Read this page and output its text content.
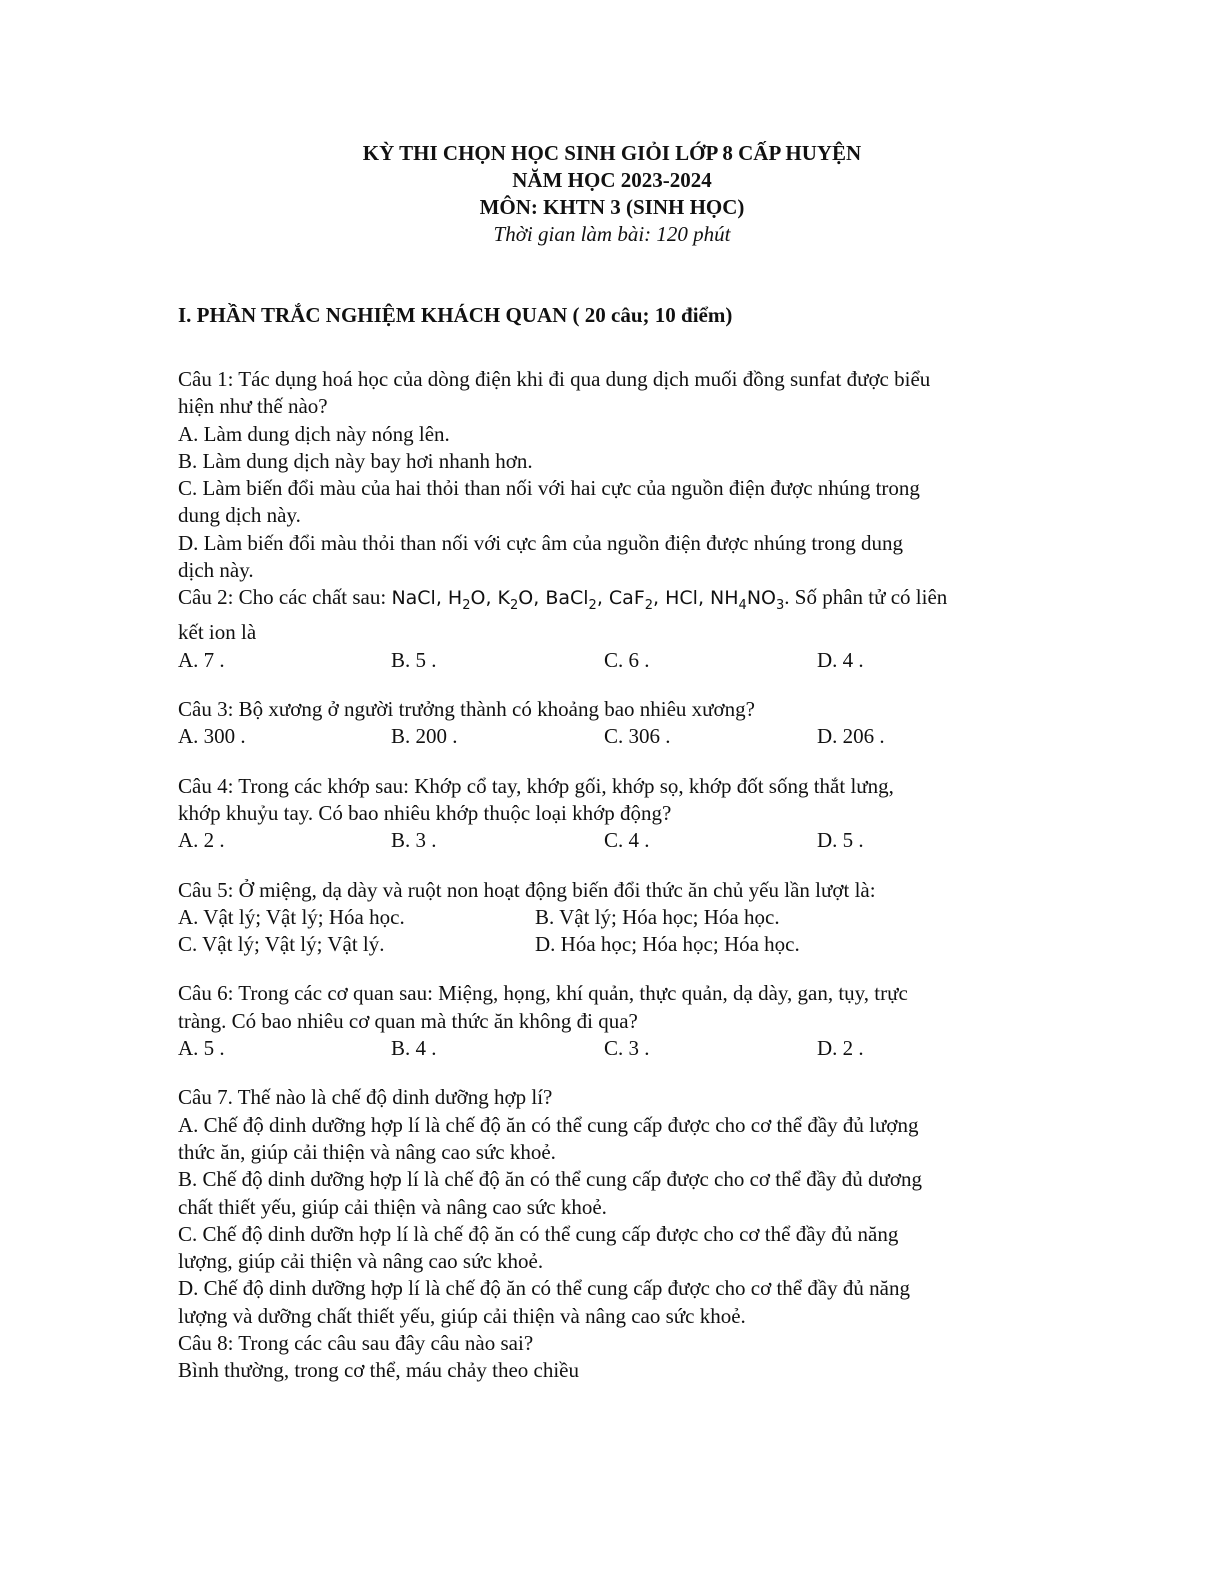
KỲ THI CHỌN HỌC SINH GIỎI LỚP 8 CẤP HUYỆN
NĂM HỌC 2023-2024
MÔN: KHTN 3 (SINH HỌC)
Thời gian làm bài: 120 phút
I. PHẦN TRẮC NGHIỆM KHÁCH QUAN ( 20 câu; 10 điểm)
Câu 1: Tác dụng hoá học của dòng điện khi đi qua dung dịch muối đồng sunfat được biểu
hiện như thế nào?
A. Làm dung dịch này nóng lên.
B. Làm dung dịch này bay hơi nhanh hơn.
C. Làm biến đổi màu của hai thỏi than nối với hai cực của nguồn điện được nhúng trong
dung dịch này.
D. Làm biến đổi màu thỏi than nối với cực âm của nguồn điện được nhúng trong dung
dịch này.
Câu 2: Cho các chất sau: NaCl, $H_2O$, $K_2O$, BaCl$_2$, CaF$_2$, HCl, $NH_4NO_3$. Số phân tử có liên
kết ion là
A. 7 .	B. 5 .	C. 6 .	D. 4 .
Câu 3: Bộ xương ở người trưởng thành có khoảng bao nhiêu xương?
A. 300 .	B. 200 .	C. 306 .	D. 206 .
Câu 4: Trong các khớp sau: Khớp cổ tay, khớp gối, khớp sọ, khớp đốt sống thắt lưng,
khớp khuỷu tay. Có bao nhiêu khớp thuộc loại khớp động?
A. 2 .	B. 3 .	C. 4 .	D. 5 .
Câu 5: Ở miệng, dạ dày và ruột non hoạt động biến đổi thức ăn chủ yếu lần lượt là:
A. Vật lý; Vật lý; Hóa học.	B. Vật lý; Hóa học; Hóa học.
C. Vật lý; Vật lý; Vật lý.	D. Hóa học; Hóa học; Hóa học.
Câu 6: Trong các cơ quan sau: Miệng, họng, khí quản, thực quản, dạ dày, gan, tụy, trực
tràng. Có bao nhiêu cơ quan mà thức ăn không đi qua?
A. 5 .	B. 4 .	C. 3 .	D. 2 .
Câu 7. Thế nào là chế độ dinh dưỡng hợp lí?
A. Chế độ dinh dưỡng hợp lí là chế độ ăn có thể cung cấp được cho cơ thể đầy đủ lượng
thức ăn, giúp cải thiện và nâng cao sức khoẻ.
B. Chế độ dinh dưỡng hợp lí là chế độ ăn có thể cung cấp được cho cơ thể đầy đủ dương
chất thiết yếu, giúp cải thiện và nâng cao sức khoẻ.
C. Chế độ dinh dưỡn hợp lí là chế độ ăn có thể cung cấp được cho cơ thể đầy đủ năng
lượng, giúp cải thiện và nâng cao sức khoẻ.
D. Chế độ dinh dưỡng hợp lí là chế độ ăn có thể cung cấp được cho cơ thể đầy đủ năng
lượng và dưỡng chất thiết yếu, giúp cải thiện và nâng cao sức khoẻ.
Câu 8: Trong các câu sau đây câu nào sai?
Bình thường, trong cơ thể, máu chảy theo chiều
